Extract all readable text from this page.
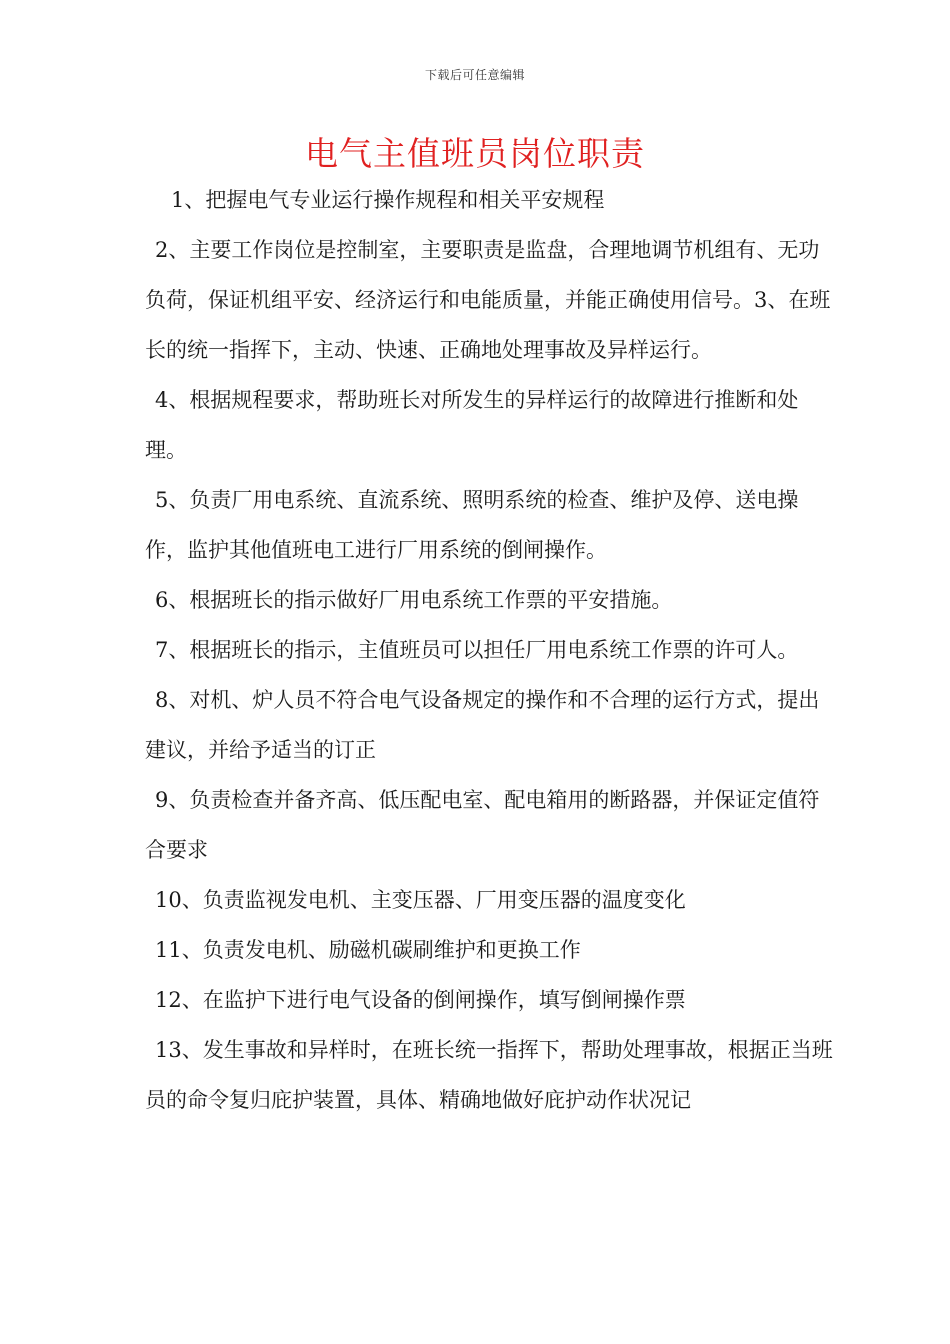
下载后可任意编辑
电气主值班员岗位职责

1、把握电气专业运行操作规程和相关平安规程

2、主要工作岗位是控制室，主要职责是监盘，合理地调节机组有、无功负荷，保证机组平安、经济运行和电能质量，并能正确使用信号。3、在班长的统一指挥下，主动、快速、正确地处理事故及异样运行。

4、根据规程要求，帮助班长对所发生的异样运行的故障进行推断和处理。

5、负责厂用电系统、直流系统、照明系统的检查、维护及停、送电操作，监护其他值班电工进行厂用系统的倒闸操作。

6、根据班长的指示做好厂用电系统工作票的平安措施。

7、根据班长的指示，主值班员可以担任厂用电系统工作票的许可人。

8、对机、炉人员不符合电气设备规定的操作和不合理的运行方式，提出建议，并给予适当的订正

9、负责检查并备齐高、低压配电室、配电箱用的断路器，并保证定值符合要求

10、负责监视发电机、主变压器、厂用变压器的温度变化

11、负责发电机、励磁机碳刷维护和更换工作

12、在监护下进行电气设备的倒闸操作，填写倒闸操作票

13、发生事故和异样时，在班长统一指挥下，帮助处理事故，根据正当班员的命令复归庇护装置，具体、精确地做好庇护动作状况记
